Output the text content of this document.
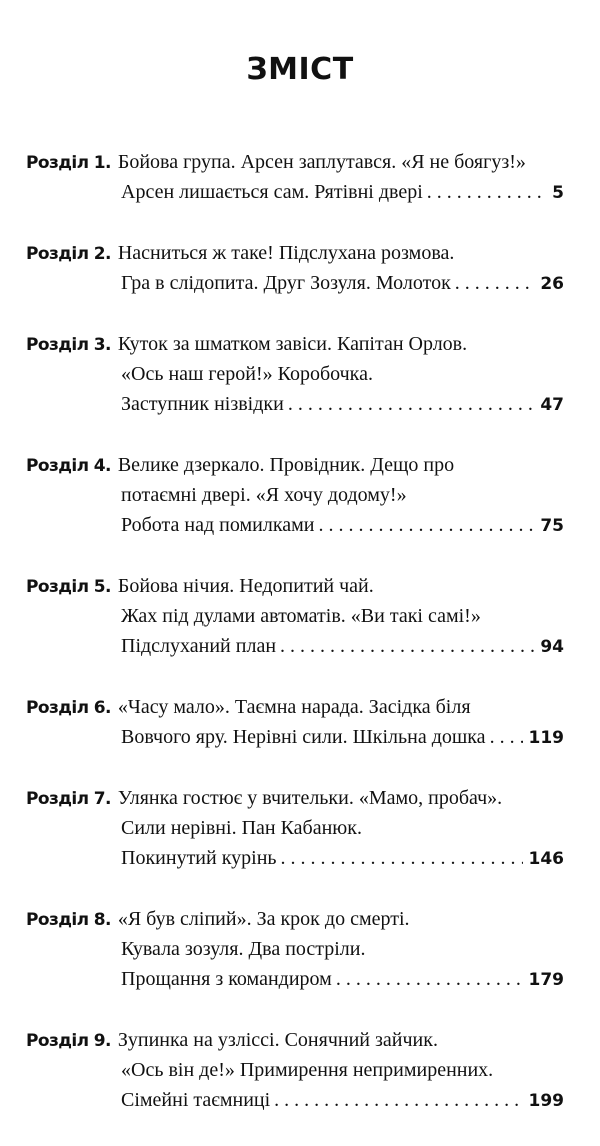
ЗМІСТ
Розділ 1. Бойова група. Арсен заплутався. «Я не боягуз!»
Арсен лишається сам. Рятівні двері . . .	5
Розділ 2. Насниться ж таке! Підслухана розмова.
Гра в слідопита. Друг Зозуля. Молоток . . .	26
Розділ 3. Куток за шматком завіси. Капітан Орлов.
«Ось наш герой!» Коробочка.
Заступник нізвідки . . .	47
Розділ 4. Велике дзеркало. Провідник. Дещо про
потаємні двері. «Я хочу додому!»
Робота над помилками . . .	75
Розділ 5. Бойова нічия. Недопитий чай.
Жах під дулами автоматів. «Ви такі самі!»
Підслуханий план . . .	94
Розділ 6. «Часу мало». Таємна нарада. Засідка біля
Вовчого яру. Нерівні сили. Шкільна дошка . . .	119
Розділ 7. Улянка гостює у вчительки. «Мамо, пробач».
Сили нерівні. Пан Кабанюк.
Покинутий курінь . . .	146
Розділ 8. «Я був сліпий». За крок до смерті.
Кувала зозуля. Два постріли.
Прощання з командиром . . .	179
Розділ 9. Зупинка на узліссі. Сонячний зайчик.
«Ось він де!» Примирення непримиренних.
Сімейні таємниці . . .	199
